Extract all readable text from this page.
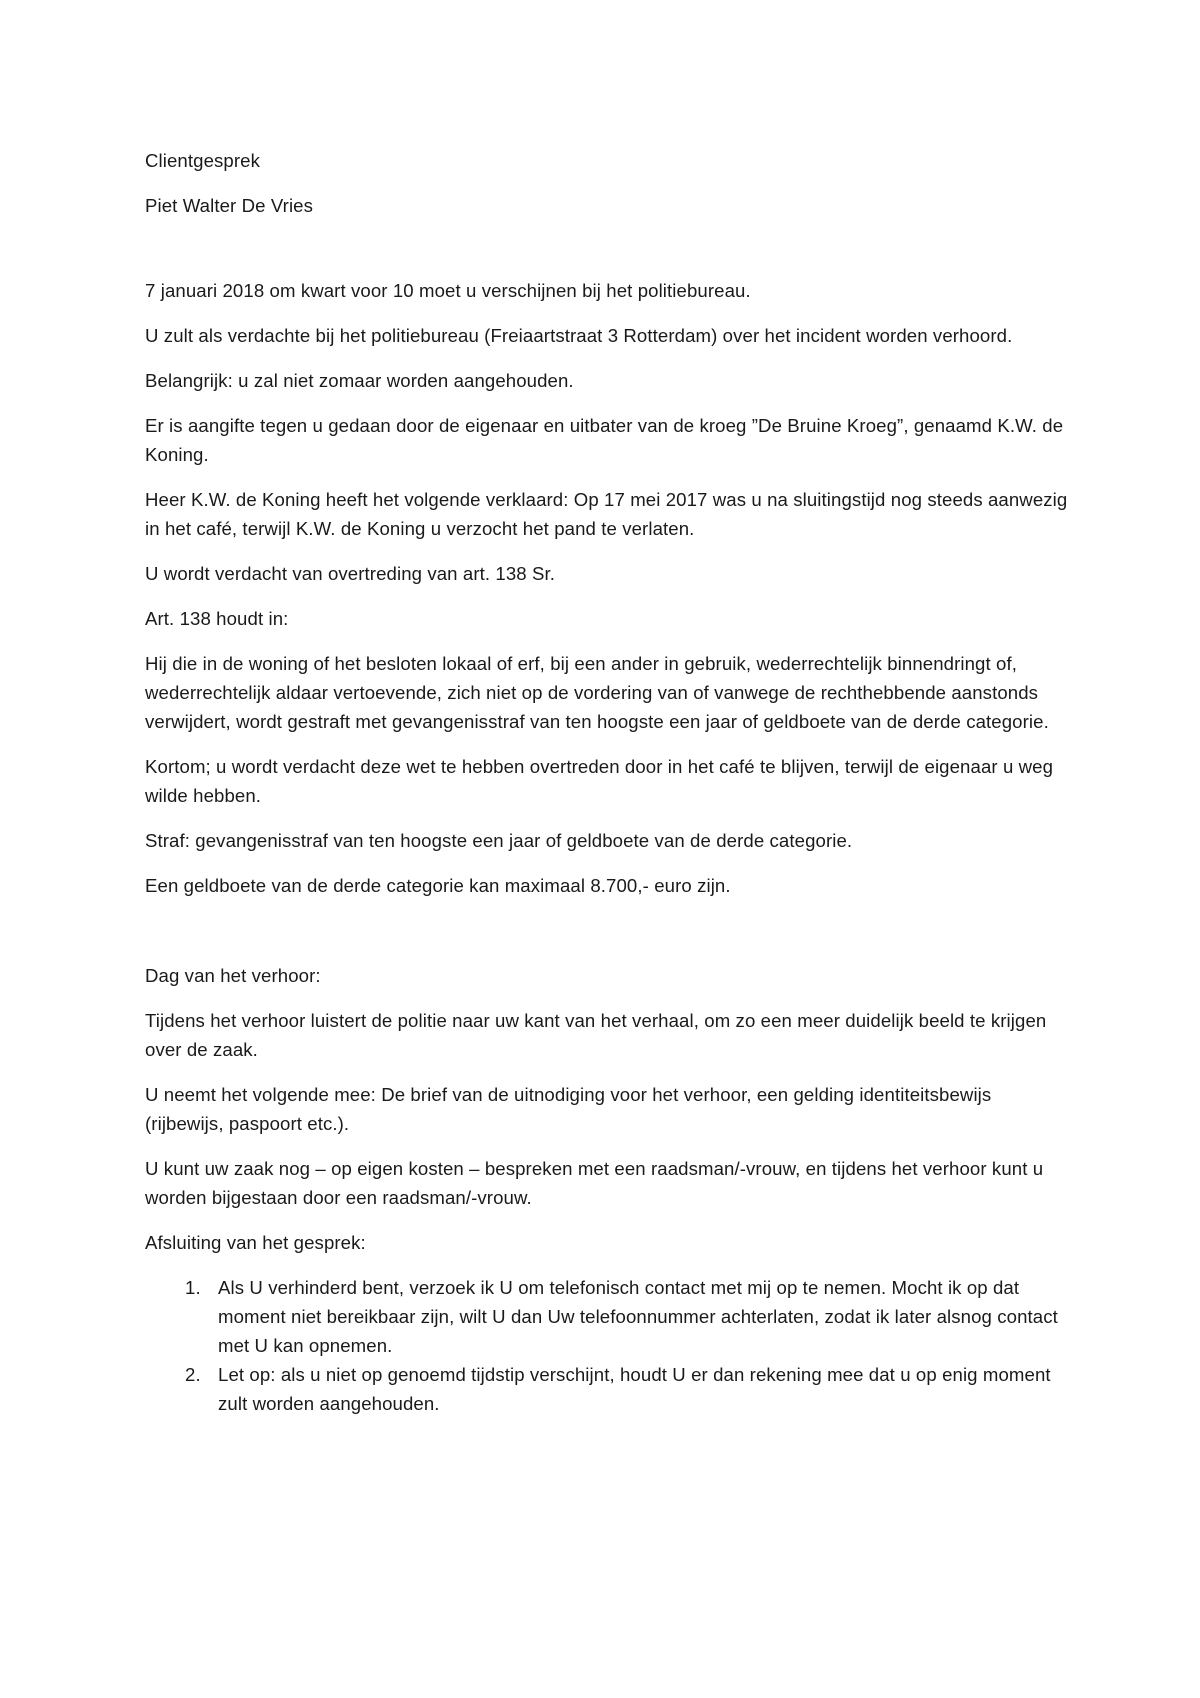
Clientgesprek

Piet Walter De Vries

7 januari 2018 om kwart voor 10 moet u verschijnen bij het politiebureau.

U zult als verdachte bij het politiebureau (Freiaartstraat 3 Rotterdam) over het incident worden verhoord.

Belangrijk: u zal niet zomaar worden aangehouden.

Er is aangifte tegen u gedaan door de eigenaar en uitbater van de kroeg ”De Bruine Kroeg”, genaamd K.W. de Koning.

Heer K.W. de Koning heeft het volgende verklaard: Op 17 mei 2017 was u na sluitingstijd nog steeds aanwezig in het café, terwijl K.W. de Koning u verzocht het pand te verlaten.

U wordt verdacht van overtreding van art. 138 Sr.

Art. 138 houdt in:

Hij die in de woning of het besloten lokaal of erf, bij een ander in gebruik, wederrechtelijk binnendringt of, wederrechtelijk aldaar vertoevende, zich niet op de vordering van of vanwege de rechthebbende aanstonds verwijdert, wordt gestraft met gevangenisstraf van ten hoogste een jaar of geldboete van de derde categorie.

Kortom; u wordt verdacht deze wet te hebben overtreden door in het café te blijven, terwijl de eigenaar u weg wilde hebben.

Straf: gevangenisstraf van ten hoogste een jaar of geldboete van de derde categorie.

Een geldboete van de derde categorie kan maximaal 8.700,- euro zijn.

Dag van het verhoor:

Tijdens het verhoor luistert de politie naar uw kant van het verhaal, om zo een meer duidelijk beeld te krijgen over de zaak.

U neemt het volgende mee: De brief van de uitnodiging voor het verhoor, een gelding identiteitsbewijs (rijbewijs, paspoort etc.).

U kunt uw zaak nog – op eigen kosten – bespreken met een raadsman/-vrouw, en tijdens het verhoor kunt u worden bijgestaan door een raadsman/-vrouw.

Afsluiting van het gesprek:

1. Als U verhinderd bent, verzoek ik U om telefonisch contact met mij op te nemen. Mocht ik op dat moment niet bereikbaar zijn, wilt U dan Uw telefoonnummer achterlaten, zodat ik later alsnog contact met U kan opnemen.
2. Let op: als u niet op genoemd tijdstip verschijnt, houdt U er dan rekening mee dat u op enig moment zult worden aangehouden.
